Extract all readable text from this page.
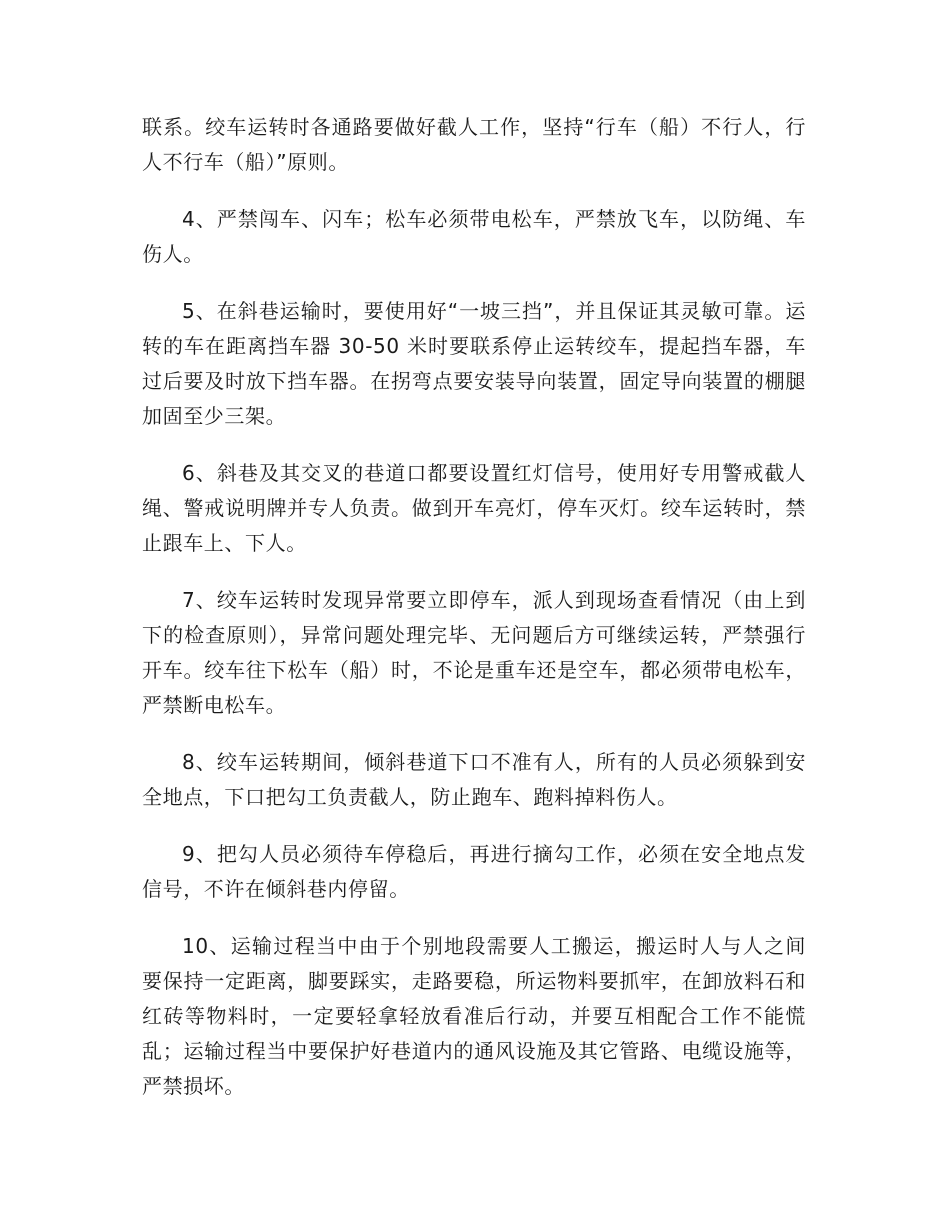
联系。绞车运转时各通路要做好截人工作，坚持“行车（船）不行人，行人不行车（船）”原则。

4、严禁闯车、闪车；松车必须带电松车，严禁放飞车，以防绳、车伤人。

5、在斜巷运输时，要使用好“一坡三挡”，并且保证其灵敏可靠。运转的车在距离挡车器 30-50 米时要联系停止运转绞车，提起挡车器，车过后要及时放下挡车器。在拐弯点要安装导向装置，固定导向装置的棚腿加固至少三架。

6、斜巷及其交叉的巷道口都要设置红灯信号，使用好专用警戒截人绳、警戒说明牌并专人负责。做到开车亮灯，停车灭灯。绞车运转时，禁止跟车上、下人。

7、绞车运转时发现异常要立即停车，派人到现场查看情况（由上到下的检查原则），异常问题处理完毕、无问题后方可继续运转，严禁强行开车。绞车往下松车（船）时，不论是重车还是空车，都必须带电松车，严禁断电松车。

8、绞车运转期间，倾斜巷道下口不准有人，所有的人员必须躲到安全地点，下口把勾工负责截人，防止跑车、跑料掉料伤人。

9、把勾人员必须待车停稳后，再进行摘勾工作，必须在安全地点发信号，不许在倾斜巷内停留。

10、运输过程当中由于个别地段需要人工搬运，搬运时人与人之间要保持一定距离，脚要踩实，走路要稳，所运物料要抓牢，在卸放料石和红砖等物料时，一定要轻拿轻放看准后行动，并要互相配合工作不能慌乱；运输过程当中要保护好巷道内的通风设施及其它管路、电缆设施等，严禁损坏。
